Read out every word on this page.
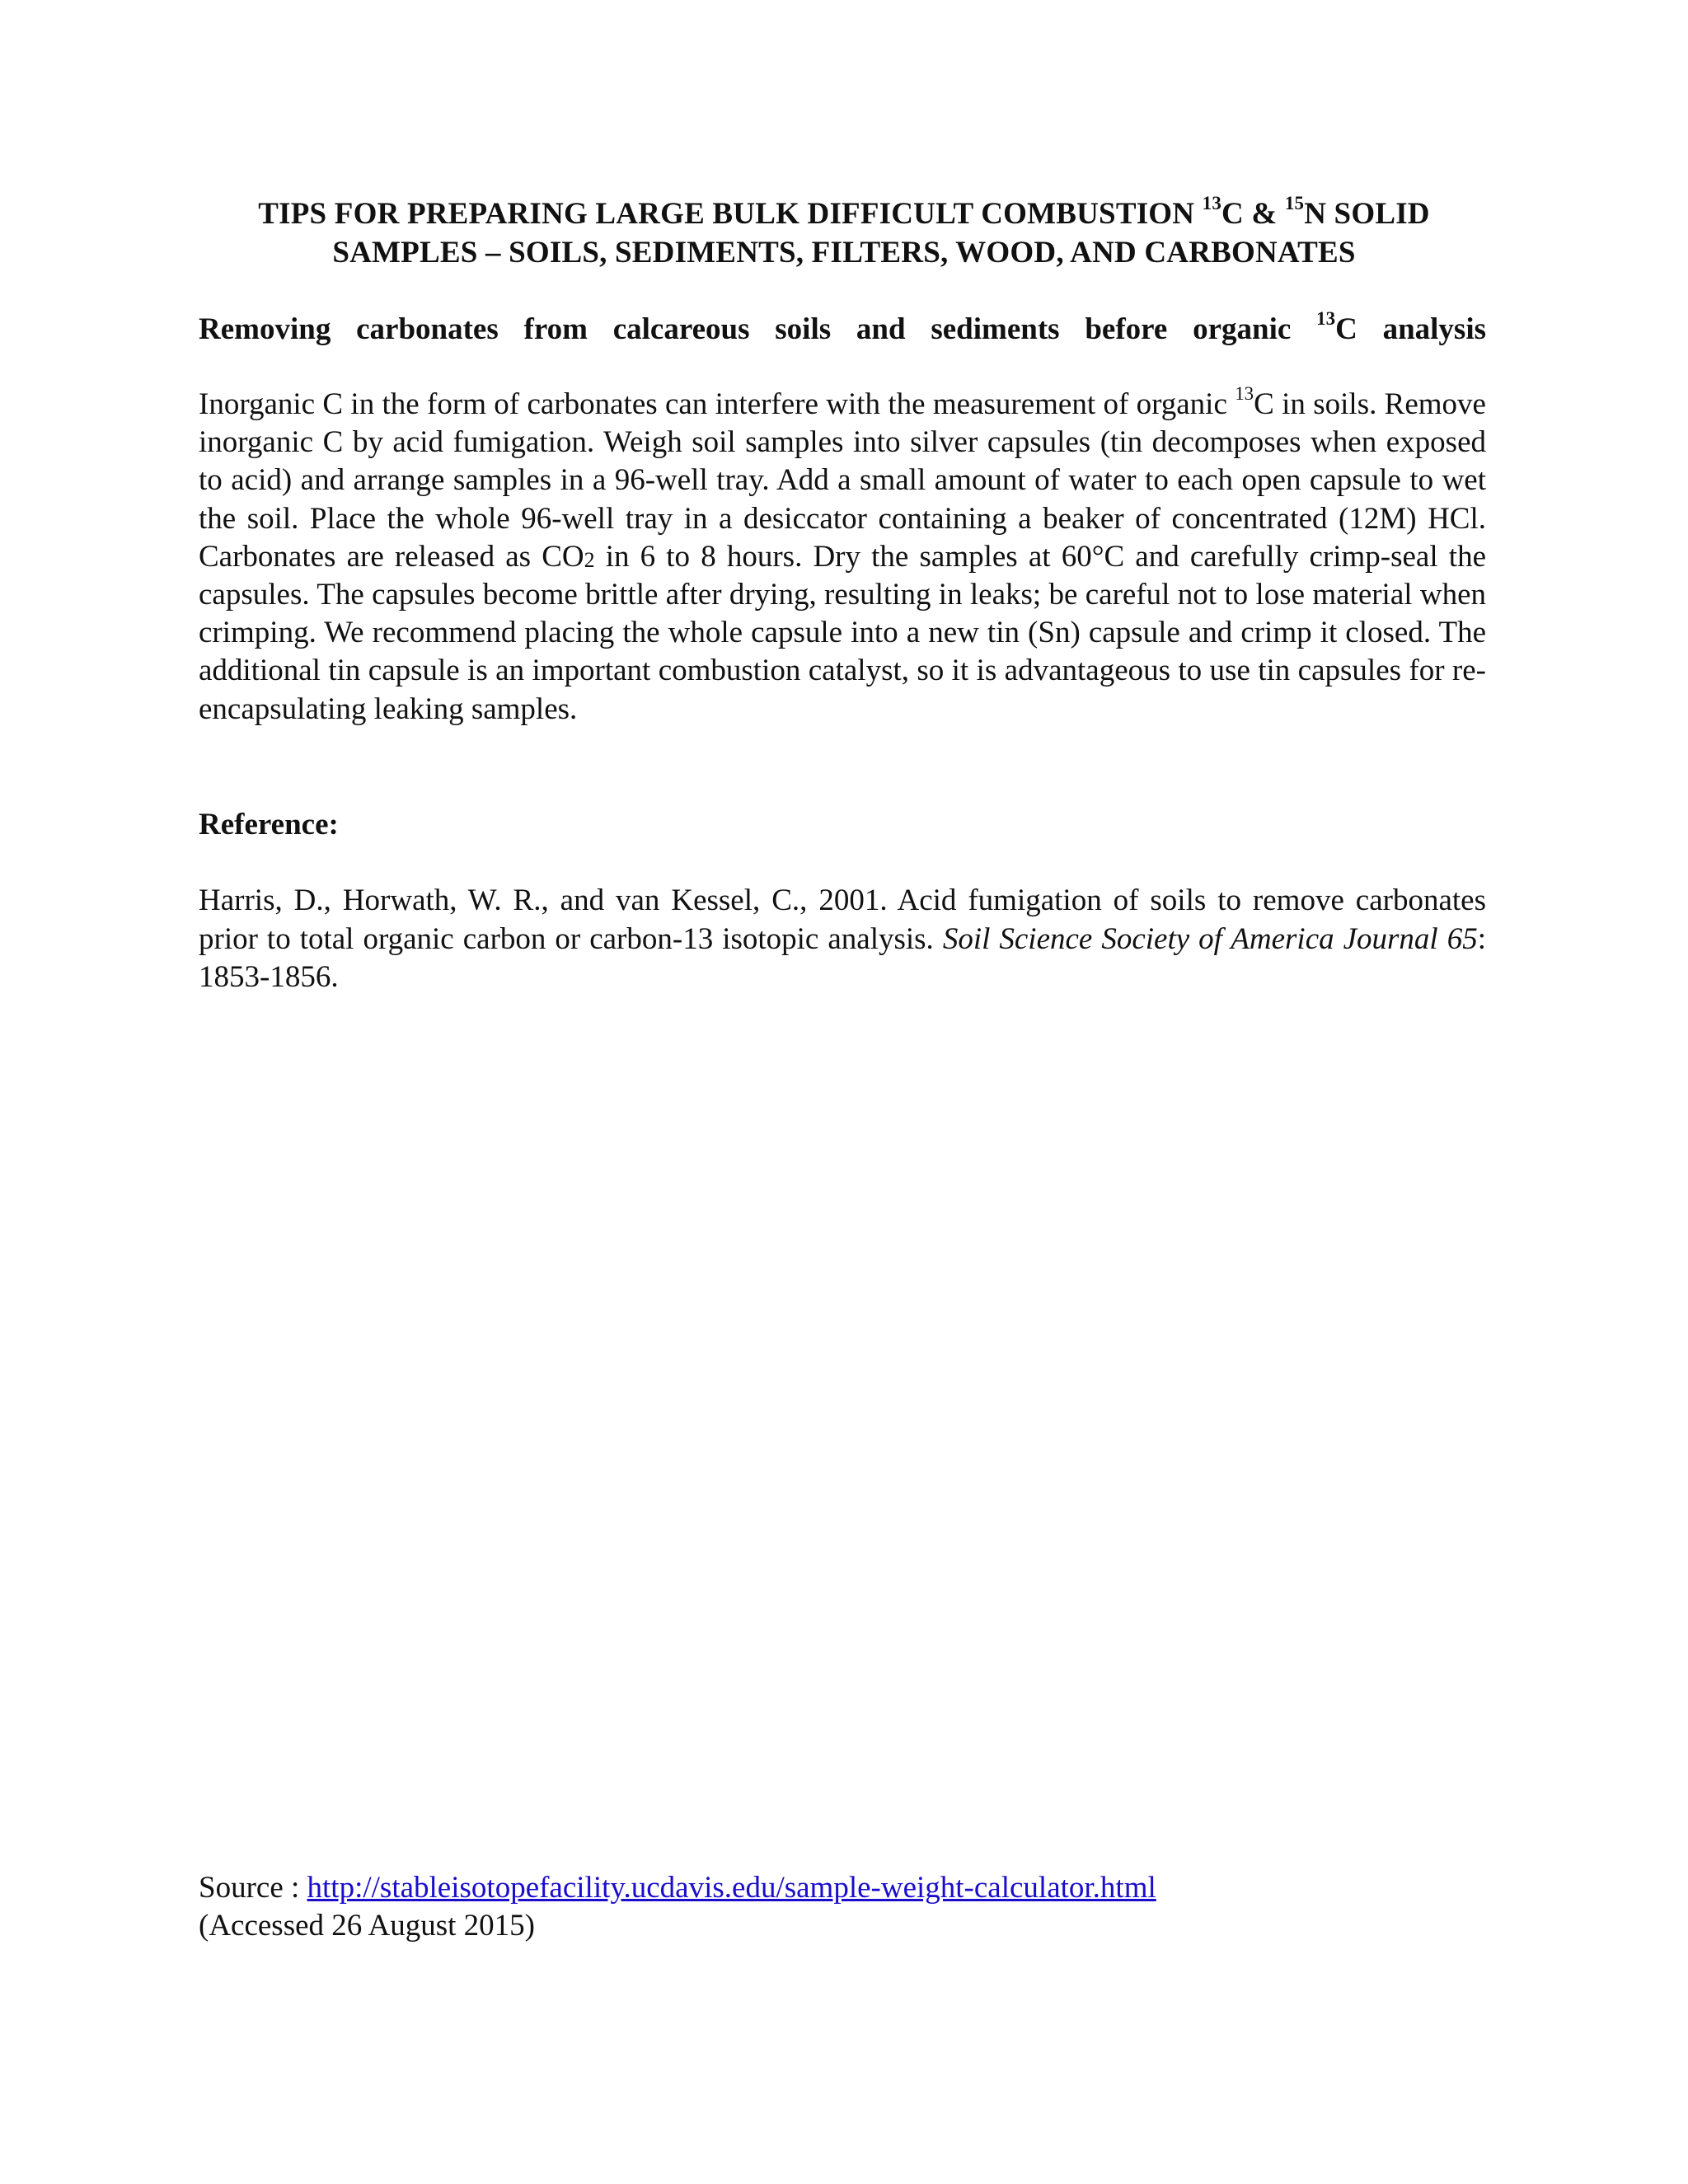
TIPS FOR PREPARING LARGE BULK DIFFICULT COMBUSTION $^{13}$C & $^{15}$N SOLID
SAMPLES – SOILS, SEDIMENTS, FILTERS, WOOD, AND CARBONATES
Removing carbonates from calcareous soils and sediments before organic $^{13}$C analysis
Inorganic C in the form of carbonates can interfere with the measurement of organic $^{13}$C in soils. Remove inorganic C by acid fumigation. Weigh soil samples into silver capsules (tin decomposes when exposed to acid) and arrange samples in a 96-well tray. Add a small amount of water to each open capsule to wet the soil. Place the whole 96-well tray in a desiccator containing a beaker of concentrated (12M) HCl. Carbonates are released as $CO_2$ in 6 to 8 hours. Dry the samples at 60°C and carefully crimp-seal the capsules. The capsules become brittle after drying, resulting in leaks; be careful not to lose material when crimping. We recommend placing the whole capsule into a new tin (Sn) capsule and crimp it closed. The additional tin capsule is an important combustion catalyst, so it is advantageous to use tin capsules for re-encapsulating leaking samples.
Reference:
Harris, D., Horwath, W. R., and van Kessel, C., 2001. Acid fumigation of soils to remove carbonates prior to total organic carbon or carbon-13 isotopic analysis. Soil Science Society of America Journal 65: 1853-1856.
Source : http://stableisotopefacility.ucdavis.edu/sample-weight-calculator.html
(Accessed 26 August 2015)
